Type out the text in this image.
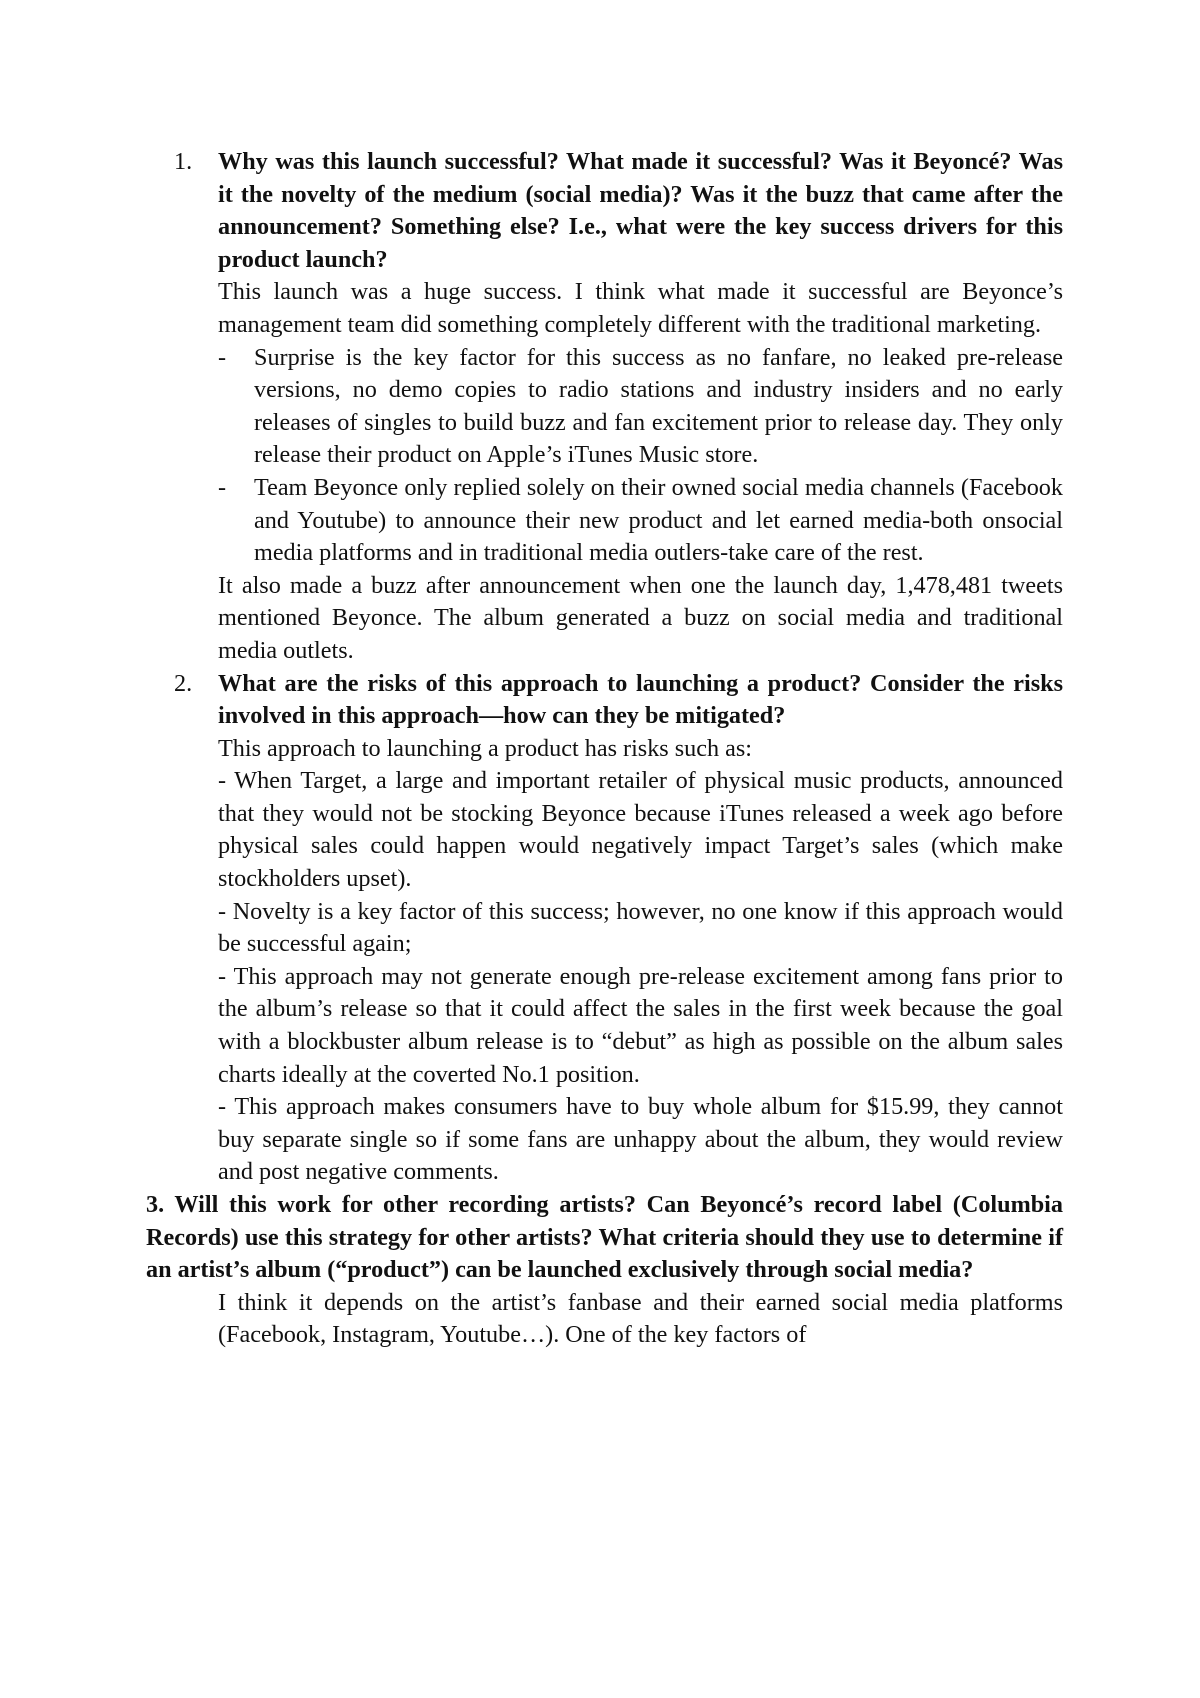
1. Why was this launch successful? What made it successful? Was it Beyoncé? Was it the novelty of the medium (social media)? Was it the buzz that came after the announcement? Something else? I.e., what were the key success drivers for this product launch?

This launch was a huge success. I think what made it successful are Beyonce’s management team did something completely different with the traditional marketing.

- Surprise is the key factor for this success as no fanfare, no leaked pre-release versions, no demo copies to radio stations and industry insiders and no early releases of singles to build buzz and fan excitement prior to release day. They only release their product on Apple’s iTunes Music store.
- Team Beyonce only replied solely on their owned social media channels (Facebook and Youtube) to announce their new product and let earned media-both onsocial media platforms and in traditional media outlers-take care of the rest.

It also made a buzz after announcement when one the launch day, 1,478,481 tweets mentioned Beyonce. The album generated a buzz on social media and traditional media outlets.

2. What are the risks of this approach to launching a product? Consider the risks involved in this approach—how can they be mitigated?

This approach to launching a product has risks such as:

- When Target, a large and important retailer of physical music products, announced that they would not be stocking Beyonce because iTunes released a week ago before physical sales could happen would negatively impact Target’s sales (which make stockholders upset).

- Novelty is a key factor of this success; however, no one know if this approach would be successful again;

- This approach may not generate enough pre-release excitement among fans prior to the album’s release so that it could affect the sales in the first week because the goal with a blockbuster album release is to “debut” as high as possible on the album sales charts ideally at the coverted No.1 position.

- This approach makes consumers have to buy whole album for $15.99, they cannot buy separate single so if some fans are unhappy about the album, they would review and post negative comments.

3. Will this work for other recording artists? Can Beyoncé’s record label (Columbia Records) use this strategy for other artists? What criteria should they use to determine if an artist’s album (“product”) can be launched exclusively through social media?

I think it depends on the artist’s fanbase and their earned social media platforms (Facebook, Instagram, Youtube…). One of the key factors of
